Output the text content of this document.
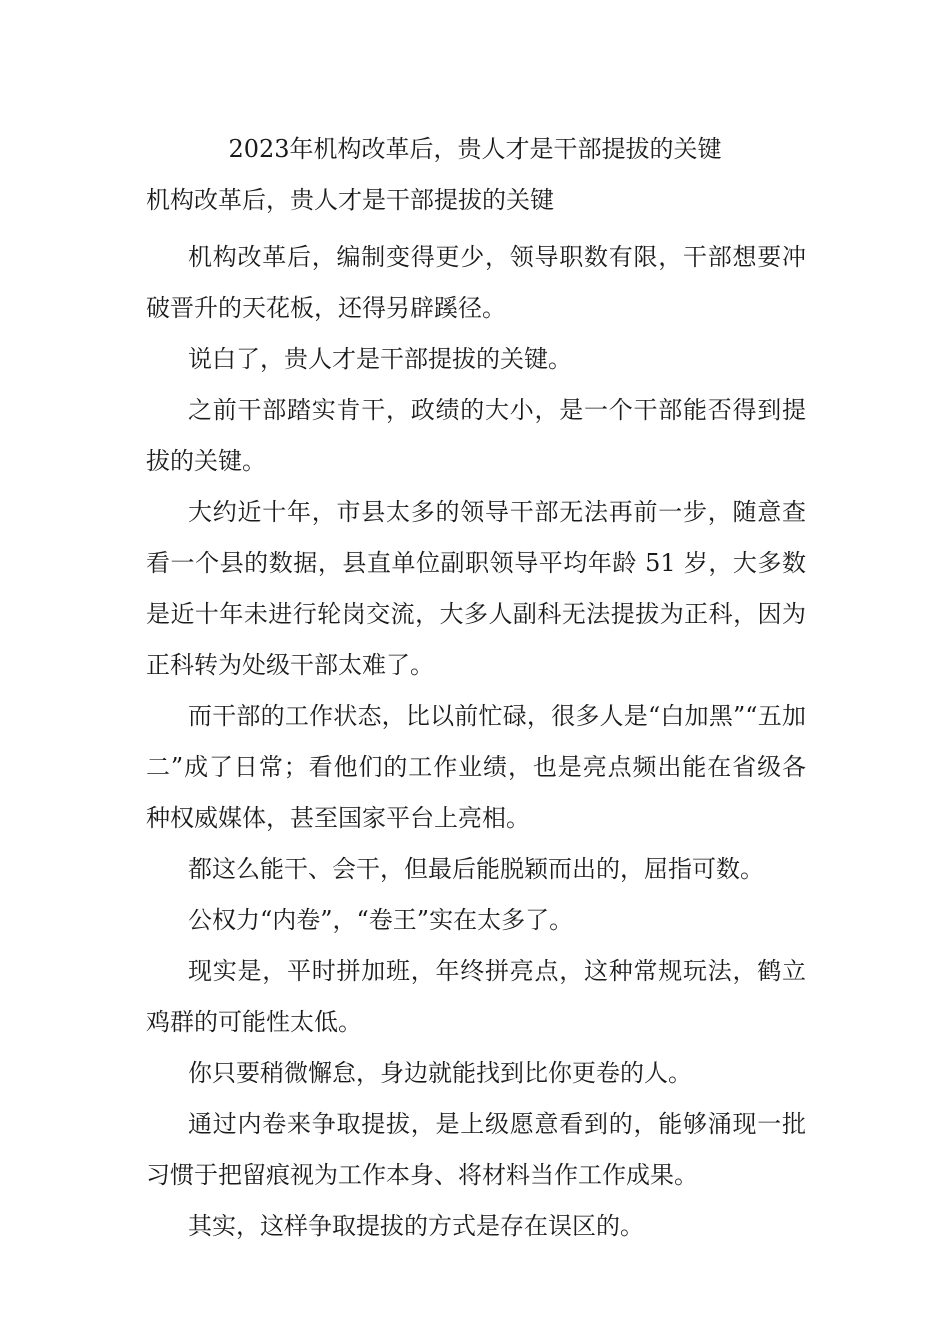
2023年机构改革后，贵人才是干部提拔的关键
机构改革后，贵人才是干部提拔的关键

机构改革后，编制变得更少，领导职数有限，干部想要冲破晋升的天花板，还得另辟蹊径。

说白了，贵人才是干部提拔的关键。

之前干部踏实肯干，政绩的大小，是一个干部能否得到提拔的关键。

大约近十年，市县太多的领导干部无法再前一步，随意查看一个县的数据，县直单位副职领导平均年龄 51 岁，大多数是近十年未进行轮岗交流，大多人副科无法提拔为正科，因为正科转为处级干部太难了。

而干部的工作状态，比以前忙碌，很多人是“白加黑”“五加二”成了日常；看他们的工作业绩，也是亮点频出能在省级各种权威媒体，甚至国家平台上亮相。

都这么能干、会干，但最后能脱颖而出的，屈指可数。

公权力“内卷”，“卷王”实在太多了。

现实是，平时拼加班，年终拼亮点，这种常规玩法，鹤立鸡群的可能性太低。

你只要稍微懈怠，身边就能找到比你更卷的人。

通过内卷来争取提拔，是上级愿意看到的，能够涌现一批习惯于把留痕视为工作本身、将材料当作工作成果。

其实，这样争取提拔的方式是存在误区的。
